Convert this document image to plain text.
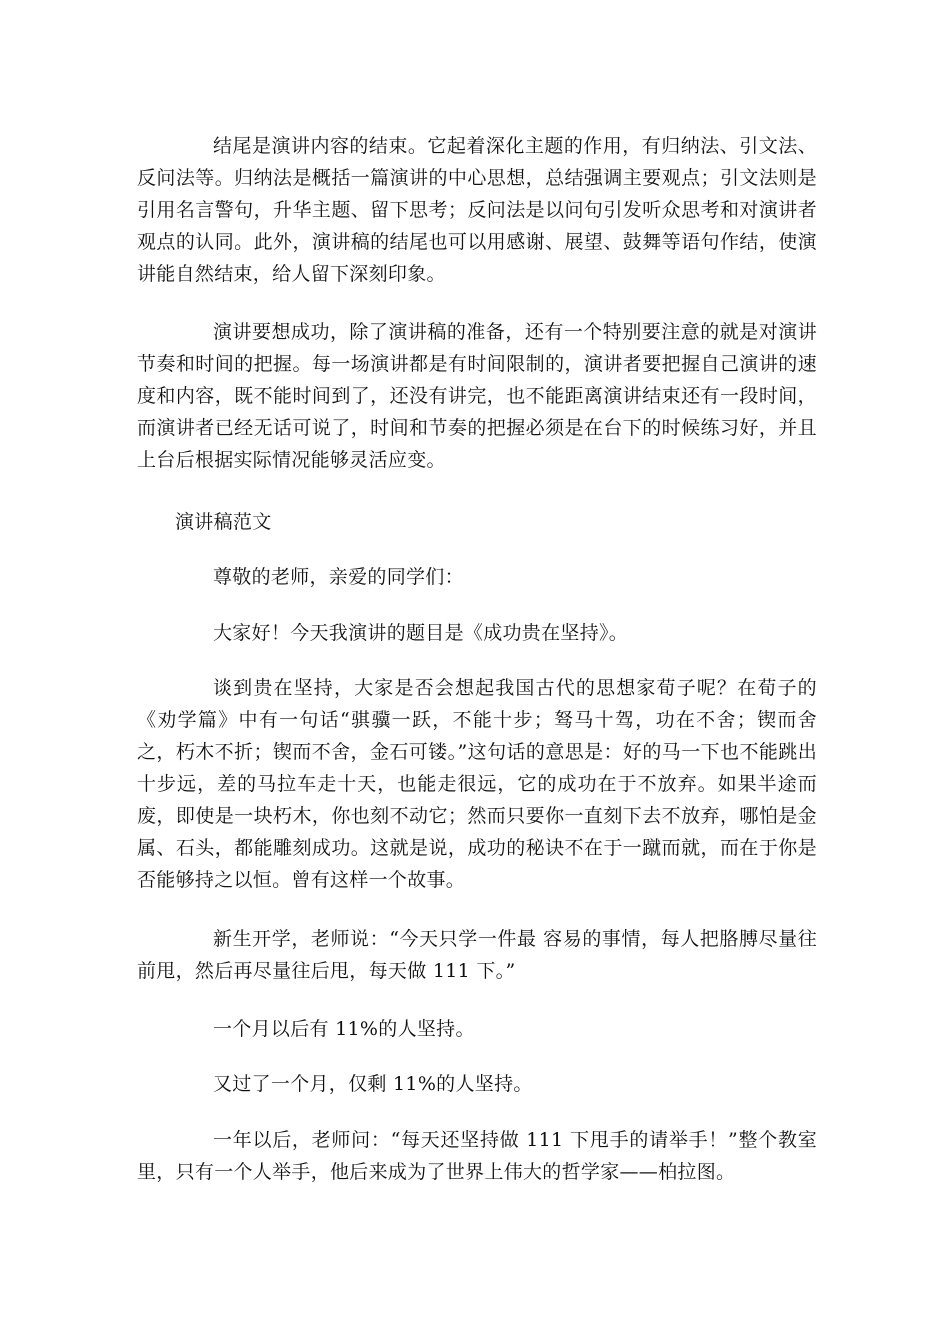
结尾是演讲内容的结束。它起着深化主题的作用，有归纳法、引文法、反问法等。归纳法是概括一篇演讲的中心思想，总结强调主要观点；引文法则是引用名言警句，升华主题、留下思考；反问法是以问句引发听众思考和对演讲者观点的认同。此外，演讲稿的结尾也可以用感谢、展望、鼓舞等语句作结，使演讲能自然结束，给人留下深刻印象。

演讲要想成功，除了演讲稿的准备，还有一个特别要注意的就是对演讲节奏和时间的把握。每一场演讲都是有时间限制的，演讲者要把握自己演讲的速度和内容，既不能时间到了，还没有讲完，也不能距离演讲结束还有一段时间，而演讲者已经无话可说了，时间和节奏的把握必须是在台下的时候练习好，并且上台后根据实际情况能够灵活应变。

演讲稿范文

尊敬的老师，亲爱的同学们：

大家好！今天我演讲的题目是《成功贵在坚持》。

谈到贵在坚持，大家是否会想起我国古代的思想家荀子呢？在荀子的《劝学篇》中有一句话“骐骥一跃，不能十步；驽马十驾，功在不舍；锲而舍之，朽木不折；锲而不舍，金石可镂。”这句话的意思是：好的马一下也不能跳出十步远，差的马拉车走十天，也能走很远，它的成功在于不放弃。如果半途而废，即使是一块朽木，你也刻不动它；然而只要你一直刻下去不放弃，哪怕是金属、石头，都能雕刻成功。这就是说，成功的秘诀不在于一蹴而就，而在于你是否能够持之以恒。曾有这样一个故事。

新生开学，老师说：“今天只学一件最 容易的事情，每人把胳膊尽量往前甩，然后再尽量往后甩，每天做 111 下。”

一个月以后有 11%的人坚持。

又过了一个月，仅剩 11%的人坚持。

一年以后，老师问：“每天还坚持做 111 下甩手的请举手！”整个教室里，只有一个人举手，他后来成为了世界上伟大的哲学家——柏拉图。
